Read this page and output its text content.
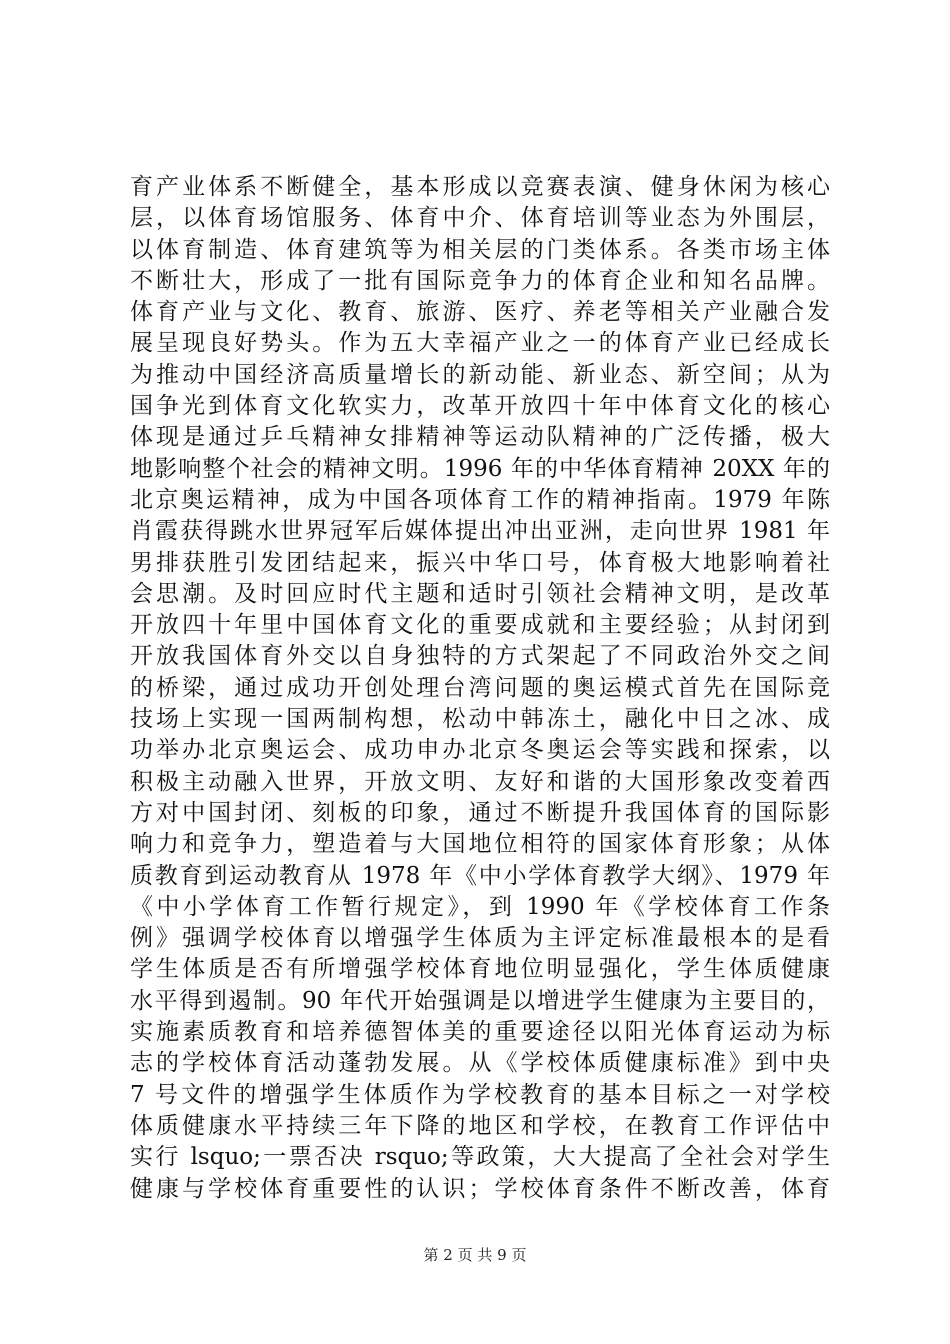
育产业体系不断健全，基本形成以竞赛表演、健身休闲为核心
层，以体育场馆服务、体育中介、体育培训等业态为外围层，
以体育制造、体育建筑等为相关层的门类体系。各类市场主体
不断壮大，形成了一批有国际竞争力的体育企业和知名品牌。
体育产业与文化、教育、旅游、医疗、养老等相关产业融合发
展呈现良好势头。作为五大幸福产业之一的体育产业已经成长
为推动中国经济高质量增长的新动能、新业态、新空间；从为
国争光到体育文化软实力，改革开放四十年中体育文化的核心
体现是通过乒乓精神女排精神等运动队精神的广泛传播，极大
地影响整个社会的精神文明。1996 年的中华体育精神 20XX 年的
北京奥运精神，成为中国各项体育工作的精神指南。1979 年陈
肖霞获得跳水世界冠军后媒体提出冲出亚洲，走向世界 1981 年
男排获胜引发团结起来，振兴中华口号，体育极大地影响着社
会思潮。及时回应时代主题和适时引领社会精神文明，是改革
开放四十年里中国体育文化的重要成就和主要经验；从封闭到
开放我国体育外交以自身独特的方式架起了不同政治外交之间
的桥梁，通过成功开创处理台湾问题的奥运模式首先在国际竞
技场上实现一国两制构想，松动中韩冻土，融化中日之冰、成
功举办北京奥运会、成功申办北京冬奥运会等实践和探索，以
积极主动融入世界，开放文明、友好和谐的大国形象改变着西
方对中国封闭、刻板的印象，通过不断提升我国体育的国际影
响力和竞争力，塑造着与大国地位相符的国家体育形象；从体
质教育到运动教育从 1978 年《中小学体育教学大纲》、1979 年
《中小学体育工作暂行规定》，到 1990 年《学校体育工作条
例》强调学校体育以增强学生体质为主评定标准最根本的是看
学生体质是否有所增强学校体育地位明显强化，学生体质健康
水平得到遏制。90 年代开始强调是以增进学生健康为主要目的，
实施素质教育和培养德智体美的重要途径以阳光体育运动为标
志的学校体育活动蓬勃发展。从《学校体质健康标准》到中央
7 号文件的增强学生体质作为学校教育的基本目标之一对学校
体质健康水平持续三年下降的地区和学校，在教育工作评估中
实行 lsquo;一票否决 rsquo;等政策，大大提高了全社会对学生
健康与学校体育重要性的认识；学校体育条件不断改善，体育
第 2 页 共 9 页
